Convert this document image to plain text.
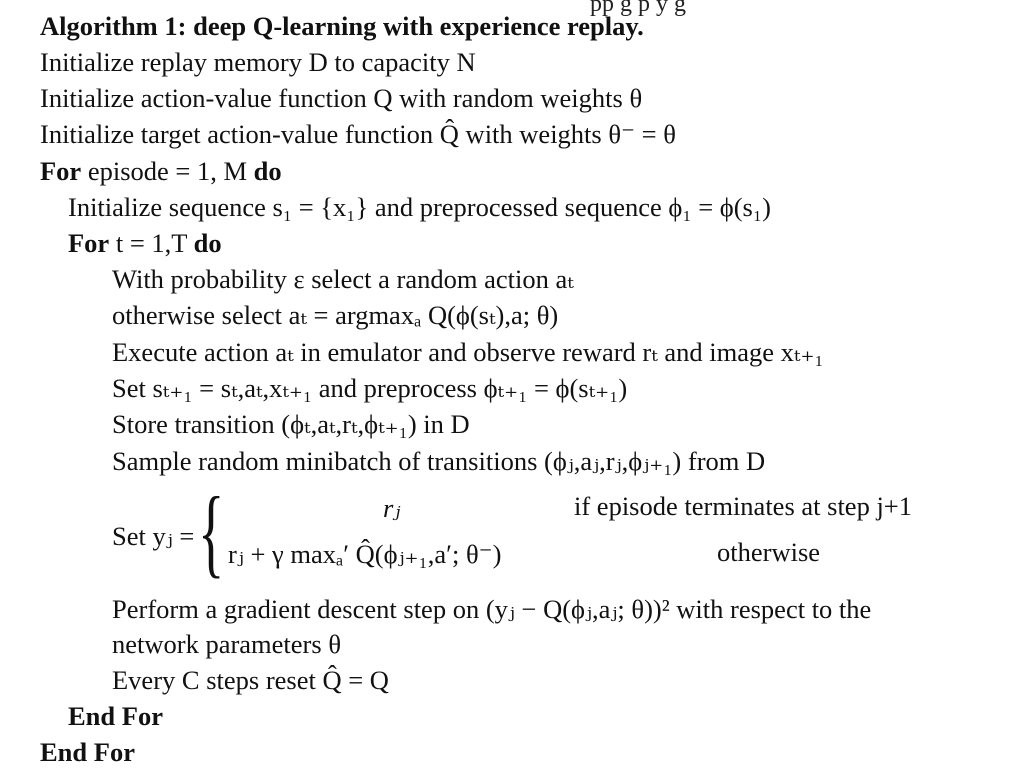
pp g p y g
Algorithm 1: deep Q-learning with experience replay.
Initialize replay memory D to capacity N
Initialize action-value function Q with random weights θ
Initialize target action-value function Q̂ with weights θ⁻ = θ
For episode = 1, M do
Initialize sequence s₁ = {x₁} and preprocessed sequence ϕ₁ = ϕ(s₁)
For t = 1,T do
With probability ε select a random action aₜ
otherwise select aₜ = argmaxₐ Q(ϕ(sₜ),a; θ)
Execute action aₜ in emulator and observe reward rₜ and image xₜ₊₁
Set sₜ₊₁ = sₜ,aₜ,xₜ₊₁ and preprocess ϕₜ₊₁ = ϕ(sₜ₊₁)
Store transition (ϕₜ,aₜ,rₜ,ϕₜ₊₁) in D
Sample random minibatch of transitions (ϕⱼ,aⱼ,rⱼ,ϕⱼ₊₁) from D
Set yⱼ = {	rⱼ	if episode terminates at step j+1
rⱼ + γ maxₐ′ Q̂(ϕⱼ₊₁,a′; θ⁻)	otherwise
Perform a gradient descent step on (yⱼ − Q(ϕⱼ,aⱼ; θ))² with respect to the
network parameters θ
Every C steps reset Q̂ = Q
End For
End For
